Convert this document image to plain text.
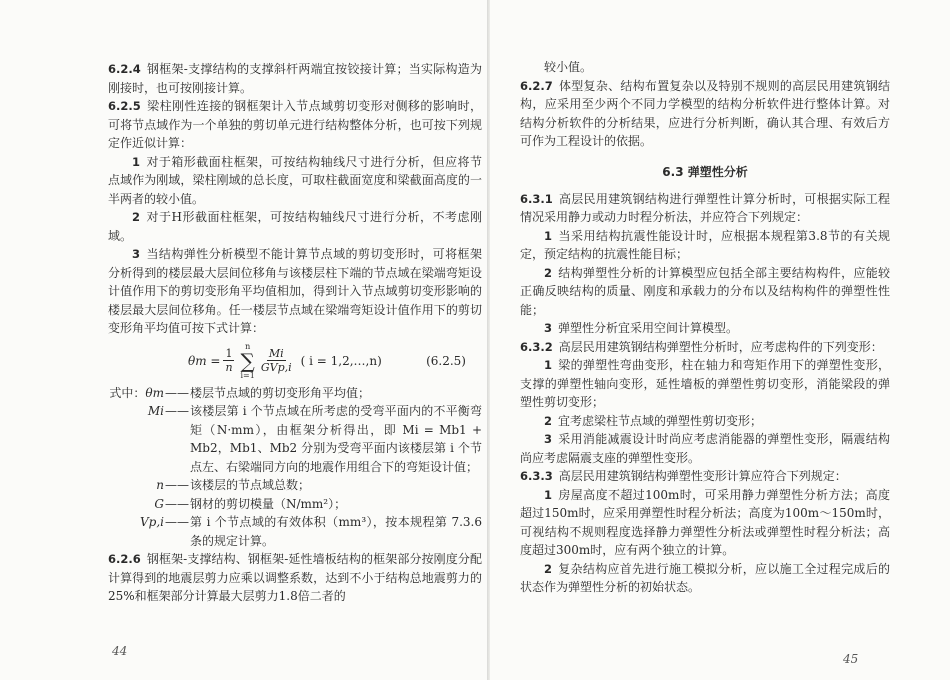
6.2.4 钢框架-支撑结构的支撑斜杆两端宜按铰接计算；当实际构造为刚接时，也可按刚接计算。

6.2.5 梁柱刚性连接的钢框架计入节点域剪切变形对侧移的影响时，可将节点域作为一个单独的剪切单元进行结构整体分析，也可按下列规定作近似计算：

1 对于箱形截面柱框架，可按结构轴线尺寸进行分析，但应将节点域作为刚域，梁柱刚域的总长度，可取柱截面宽度和梁截面高度的一半两者的较小值。

2 对于H形截面柱框架，可按结构轴线尺寸进行分析，不考虑刚域。

3 当结构弹性分析模型不能计算节点域的剪切变形时，可将框架分析得到的楼层最大层间位移角与该楼层柱下端的节点域在梁端弯矩设计值作用下的剪切变形角平均值相加，得到计入节点域剪切变形影响的楼层最大层间位移角。任一楼层节点域在梁端弯矩设计值作用下的剪切变形角平均值可按下式计算：

$\theta m = \frac{1}{n}$
n
∑
i=1
$\frac{Mi}{\text{GVp,i}}$ ( i = 1,2,…,n)	(6.2.5)
式中：θm —— 楼层节点域的剪切变形角平均值；
Mi —— 该楼层第 i 个节点域在所考虑的受弯平面内的不平衡弯矩（N·mm），由框架分析得出，即 Mi = Mb1 + Mb2，Mb1、Mb2 分别为受弯平面内该楼层第 i 个节点左、右梁端同方向的地震作用组合下的弯矩设计值；
n —— 该楼层的节点域总数；
G —— 钢材的剪切模量（N/mm²）；
Vp,i —— 第 i 个节点域的有效体积（mm³），按本规程第 7.3.6 条的规定计算。

6.2.6 钢框架-支撑结构、钢框架-延性墙板结构的框架部分按刚度分配计算得到的地震层剪力应乘以调整系数，达到不小于结构总地震剪力的25%和框架部分计算最大层剪力1.8倍二者的

44

较小值。

6.2.7 体型复杂、结构布置复杂以及特别不规则的高层民用建筑钢结构，应采用至少两个不同力学模型的结构分析软件进行整体计算。对结构分析软件的分析结果，应进行分析判断，确认其合理、有效后方可作为工程设计的依据。

6.3 弹塑性分析

6.3.1 高层民用建筑钢结构进行弹塑性计算分析时，可根据实际工程情况采用静力或动力时程分析法，并应符合下列规定：

1 当采用结构抗震性能设计时，应根据本规程第3.8节的有关规定，预定结构的抗震性能目标；

2 结构弹塑性分析的计算模型应包括全部主要结构构件，应能较正确反映结构的质量、刚度和承载力的分布以及结构构件的弹塑性性能；

3 弹塑性分析宜采用空间计算模型。

6.3.2 高层民用建筑钢结构弹塑性分析时，应考虑构件的下列变形：

1 梁的弹塑性弯曲变形，柱在轴力和弯矩作用下的弹塑性变形，支撑的弹塑性轴向变形，延性墙板的弹塑性剪切变形，消能梁段的弹塑性剪切变形；

2 宜考虑梁柱节点域的弹塑性剪切变形；

3 采用消能减震设计时尚应考虑消能器的弹塑性变形，隔震结构尚应考虑隔震支座的弹塑性变形。

6.3.3 高层民用建筑钢结构弹塑性变形计算应符合下列规定：

1 房屋高度不超过100m时，可采用静力弹塑性分析方法；高度超过150m时，应采用弹塑性时程分析法；高度为100m～150m时，可视结构不规则程度选择静力弹塑性分析法或弹塑性时程分析法；高度超过300m时，应有两个独立的计算。

2 复杂结构应首先进行施工模拟分析，应以施工全过程完成后的状态作为弹塑性分析的初始状态。

45
